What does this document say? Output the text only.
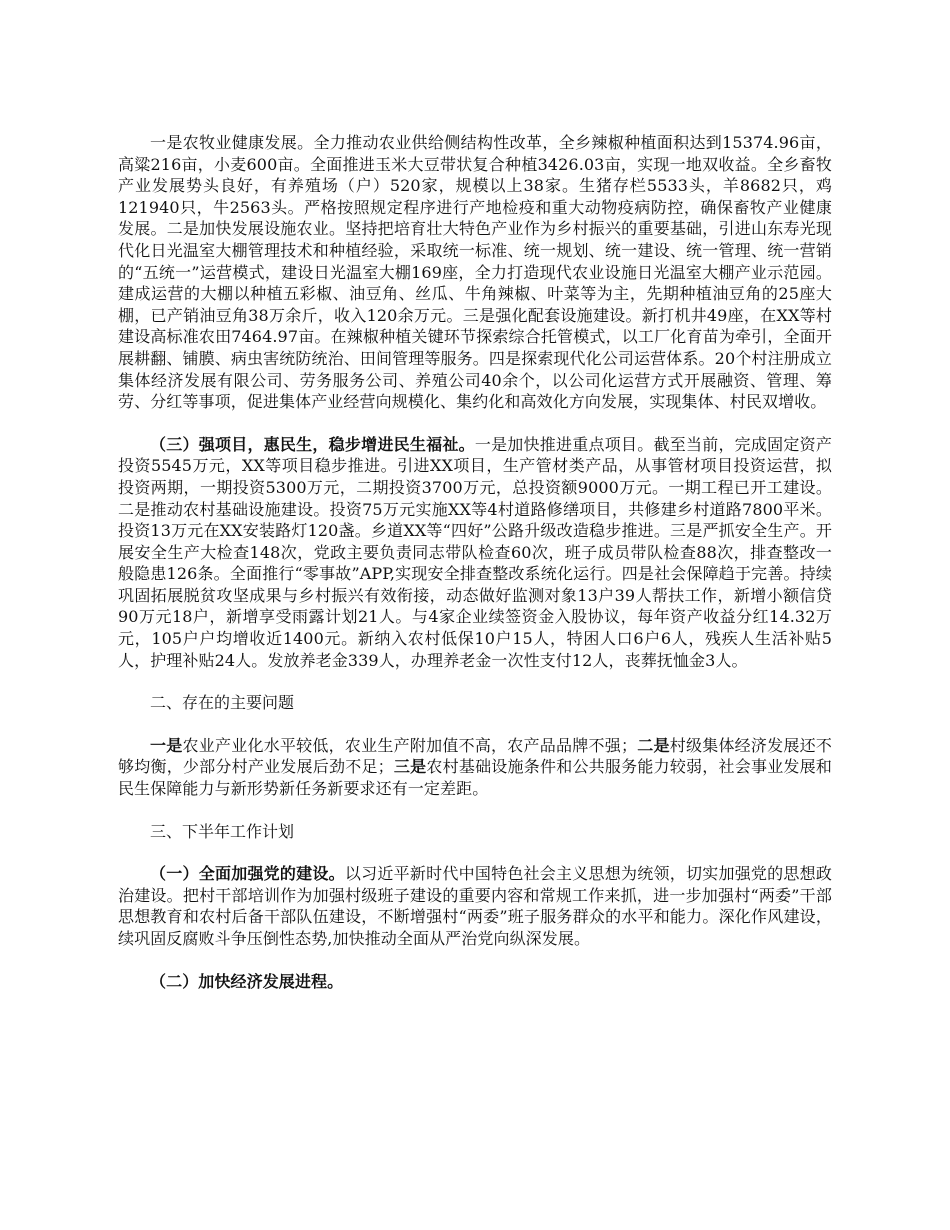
一是农牧业健康发展。全力推动农业供给侧结构性改革，全乡辣椒种植面积达到15374.96亩，高粱216亩，小麦600亩。全面推进玉米大豆带状复合种植3426.03亩，实现一地双收益。全乡畜牧产业发展势头良好，有养殖场（户）520家，规模以上38家。生猪存栏5533头，羊8682只，鸡121940只，牛2563头。严格按照规定程序进行产地检疫和重大动物疫病防控，确保畜牧产业健康发展。二是加快发展设施农业。坚持把培育壮大特色产业作为乡村振兴的重要基础，引进山东寿光现代化日光温室大棚管理技术和种植经验，采取统一标准、统一规划、统一建设、统一管理、统一营销的“五统一”运营模式，建设日光温室大棚169座，全力打造现代农业设施日光温室大棚产业示范园。建成运营的大棚以种植五彩椒、油豆角、丝瓜、牛角辣椒、叶菜等为主，先期种植油豆角的25座大棚，已产销油豆角38万余斤，收入120余万元。三是强化配套设施建设。新打机井49座，在XX等村建设高标准农田7464.97亩。在辣椒种植关键环节探索综合托管模式，以工厂化育苗为牵引，全面开展耕翻、铺膜、病虫害统防统治、田间管理等服务。四是探索现代化公司运营体系。20个村注册成立集体经济发展有限公司、劳务服务公司、养殖公司40余个，以公司化运营方式开展融资、管理、筹劳、分红等事项，促进集体产业经营向规模化、集约化和高效化方向发展，实现集体、村民双增收。

（三）强项目，惠民生，稳步增进民生福祉。一是加快推进重点项目。截至当前，完成固定资产投资5545万元，XX等项目稳步推进。引进XX项目，生产管材类产品，从事管材项目投资运营，拟投资两期，一期投资5300万元，二期投资3700万元，总投资额9000万元。一期工程已开工建设。二是推动农村基础设施建设。投资75万元实施XX等4村道路修缮项目，共修建乡村道路7800平米。投资13万元在XX安装路灯120盏。乡道XX等“四好”公路升级改造稳步推进。三是严抓安全生产。开展安全生产大检查148次，党政主要负责同志带队检查60次，班子成员带队检查88次，排查整改一般隐患126条。全面推行“零事故”APP,实现安全排查整改系统化运行。四是社会保障趋于完善。持续巩固拓展脱贫攻坚成果与乡村振兴有效衔接，动态做好监测对象13户39人帮扶工作，新增小额信贷90万元18户，新增享受雨露计划21人。与4家企业续签资金入股协议，每年资产收益分红14.32万元，105户户均增收近1400元。新纳入农村低保10户15人，特困人口6户6人，残疾人生活补贴5人，护理补贴24人。发放养老金339人，办理养老金一次性支付12人，丧葬抚恤金3人。

二、存在的主要问题

一是农业产业化水平较低，农业生产附加值不高，农产品品牌不强；二是村级集体经济发展还不够均衡，少部分村产业发展后劲不足；三是农村基础设施条件和公共服务能力较弱，社会事业发展和民生保障能力与新形势新任务新要求还有一定差距。

三、下半年工作计划

（一）全面加强党的建设。以习近平新时代中国特色社会主义思想为统领，切实加强党的思想政治建设。把村干部培训作为加强村级班子建设的重要内容和常规工作来抓，进一步加强村“两委”干部思想教育和农村后备干部队伍建设，不断增强村“两委”班子服务群众的水平和能力。深化作风建设，续巩固反腐败斗争压倒性态势,加快推动全面从严治党向纵深发展。

（二）加快经济发展进程。
